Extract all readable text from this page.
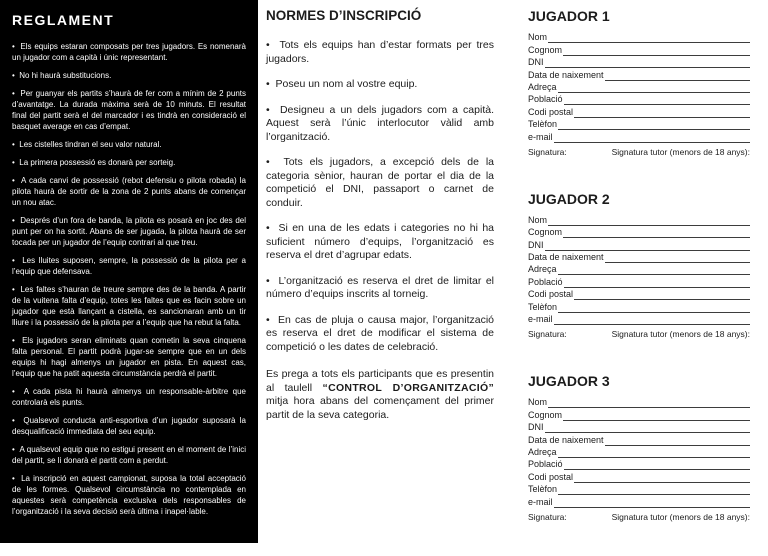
REGLAMENT

•  Els equips estaran composats per tres jugadors. Es nomenarà un jugador com a capità i únic representant.

•  No hi haurà substitucions.

•  Per guanyar els partits s’haurà de fer com a mínim de 2 punts d’avantatge. La durada màxima serà de 10 minuts. El resultat final del partit serà el del marcador i es tindrà en consideració el basquet average en cas d’empat.

•  Les cistelles tindran el seu valor natural.

•  La primera possessió es donarà per sorteig.

•  A cada canvi de possessió (rebot defensiu o pilota robada) la pilota haurà de sortir de la zona de 2 punts abans de començar un nou atac.

•  Després d’un fora de banda, la pilota es posarà en joc des del punt per on ha sortit. Abans de ser jugada, la pilota haurà de ser tocada per un jugador de l’equip contrari al que treu.

•  Les lluites suposen, sempre, la possessió de la pilota per a l’equip que defensava.

•  Les faltes s’hauran de treure sempre des de la banda. A partir de la vuitena falta d’equip, totes les faltes que es facin sobre un jugador que està llançant a cistella, es sancionaran amb un tir lliure i la possessió de la pilota per a l’equip que ha rebut la falta.

•  Els jugadors seran eliminats quan cometin la seva cinquena falta personal. El partit podrà jugar-se sempre que en un dels equips hi hagi almenys un jugador en pista. En aquest cas, l’equip que ha patit aquesta circumstància perdrà el partit.

•  A cada pista hi haurà almenys un responsable-àrbitre que controlarà els punts.

•  Qualsevol conducta anti-esportiva d’un jugador suposarà la desqualificació immediata del seu equip.

•  A qualsevol equip que no estigui present en el moment de l’inici del partit, se li donarà el partit com a perdut.

•  La inscripció en aquest campionat, suposa la total acceptació de les formes. Qualsevol circumstància no contemplada en aquestes serà competència exclusiva dels responsables de l’organització i la seva decisió serà última i inapel·lable.

NORMES D’INSCRIPCIÓ

•  Tots els equips han d’estar formats per tres jugadors.

•  Poseu un nom al vostre equip.

•  Designeu a un dels jugadors com a capità. Aquest serà l’únic interlocutor vàlid amb l’organització.

•  Tots els jugadors, a excepció dels de la categoria sènior, hauran de portar el dia de la competició el DNI, passaport o carnet de conduir.

•  Si en una de les edats i categories no hi ha suficient número d’equips, l’organització es reserva el dret d’agrupar edats.

•  L’organització es reserva el dret de limitar el número d’equips inscrits al torneig.

•  En cas de pluja o causa major, l’organització es reserva el dret de modificar el sistema de competició o les dates de celebració.

Es prega a tots els participants que es presentin al taulell “CONTROL D’ORGANITZACIÓ” mitja hora abans del començament del primer partit de la seva categoria.

JUGADOR 1
Nom
Cognom
DNI
Data de naixement
Adreça
Població
Codi postal
Telèfon
e-mail
Signatura:	Signatura tutor (menors de 18 anys):
JUGADOR 2
Nom
Cognom
DNI
Data de naixement
Adreça
Població
Codi postal
Telèfon
e-mail
Signatura:	Signatura tutor (menors de 18 anys):
JUGADOR 3
Nom
Cognom
DNI
Data de naixement
Adreça
Població
Codi postal
Telèfon
e-mail
Signatura:	Signatura tutor (menors de 18 anys):
